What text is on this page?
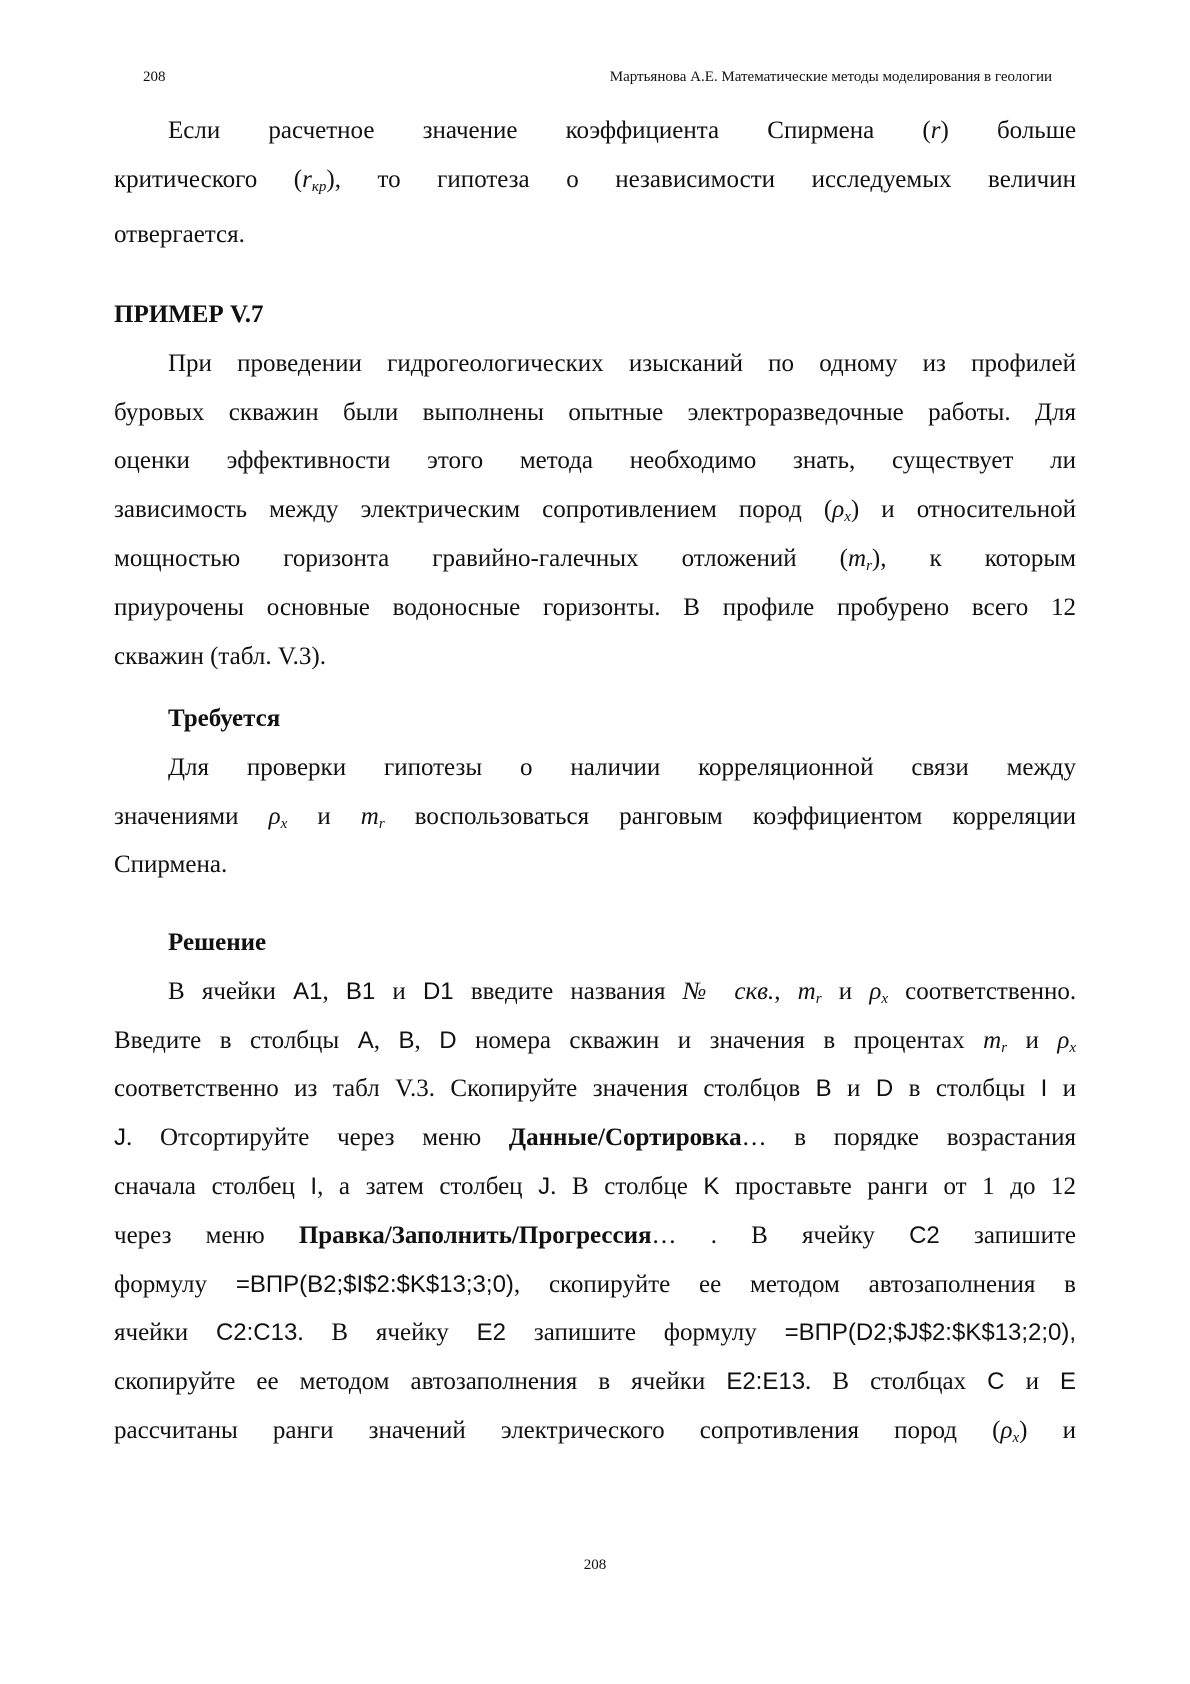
208	Мартьянова А.Е. Математические методы моделирования в геологии

Если расчетное значение коэффициента Спирмена (r) больше

критического $(r_{кр})$, то гипотеза о независимости исследуемых величин

отвергается.

ПРИМЕР V.7

При проведении гидрогеологических изысканий по одному из профилей

буровых скважин были выполнены опытные электроразведочные работы. Для

оценки эффективности этого метода необходимо знать, существует ли

зависимость между электрическим сопротивлением пород $(\rho_x)$ и относительной

мощностью горизонта гравийно-галечных отложений $(m_r)$, к которым

приурочены основные водоносные горизонты. В профиле пробурено всего 12

скважин (табл. V.3).

Требуется

Для проверки гипотезы о наличии корреляционной связи между

значениями $\rho_x$ и $m_r$ воспользоваться ранговым коэффициентом корреляции

Спирмена.

Решение

В ячейки A1, B1 и D1 введите названия № скв., $m_r$ и $\rho_x$ соответственно.

Введите в столбцы A, B, D номера скважин и значения в процентах $m_r$ и $\rho_x$

соответственно из табл V.3. Скопируйте значения столбцов B и D в столбцы I и

J. Отсортируйте через меню Данные/Сортировка… в порядке возрастания

сначала столбец I, а затем столбец J. В столбце K проставьте ранги от 1 до 12

через меню Правка/Заполнить/Прогрессия… . В ячейку C2 запишите

формулу =ВПР(B2;$I$2:$K$13;3;0), скопируйте ее методом автозаполнения в

ячейки C2:C13. В ячейку E2 запишите формулу =ВПР(D2;$J$2:$K$13;2;0),

скопируйте ее методом автозаполнения в ячейки E2:E13. В столбцах C и E

рассчитаны ранги значений электрического сопротивления пород $(\rho_x)$ и

208
